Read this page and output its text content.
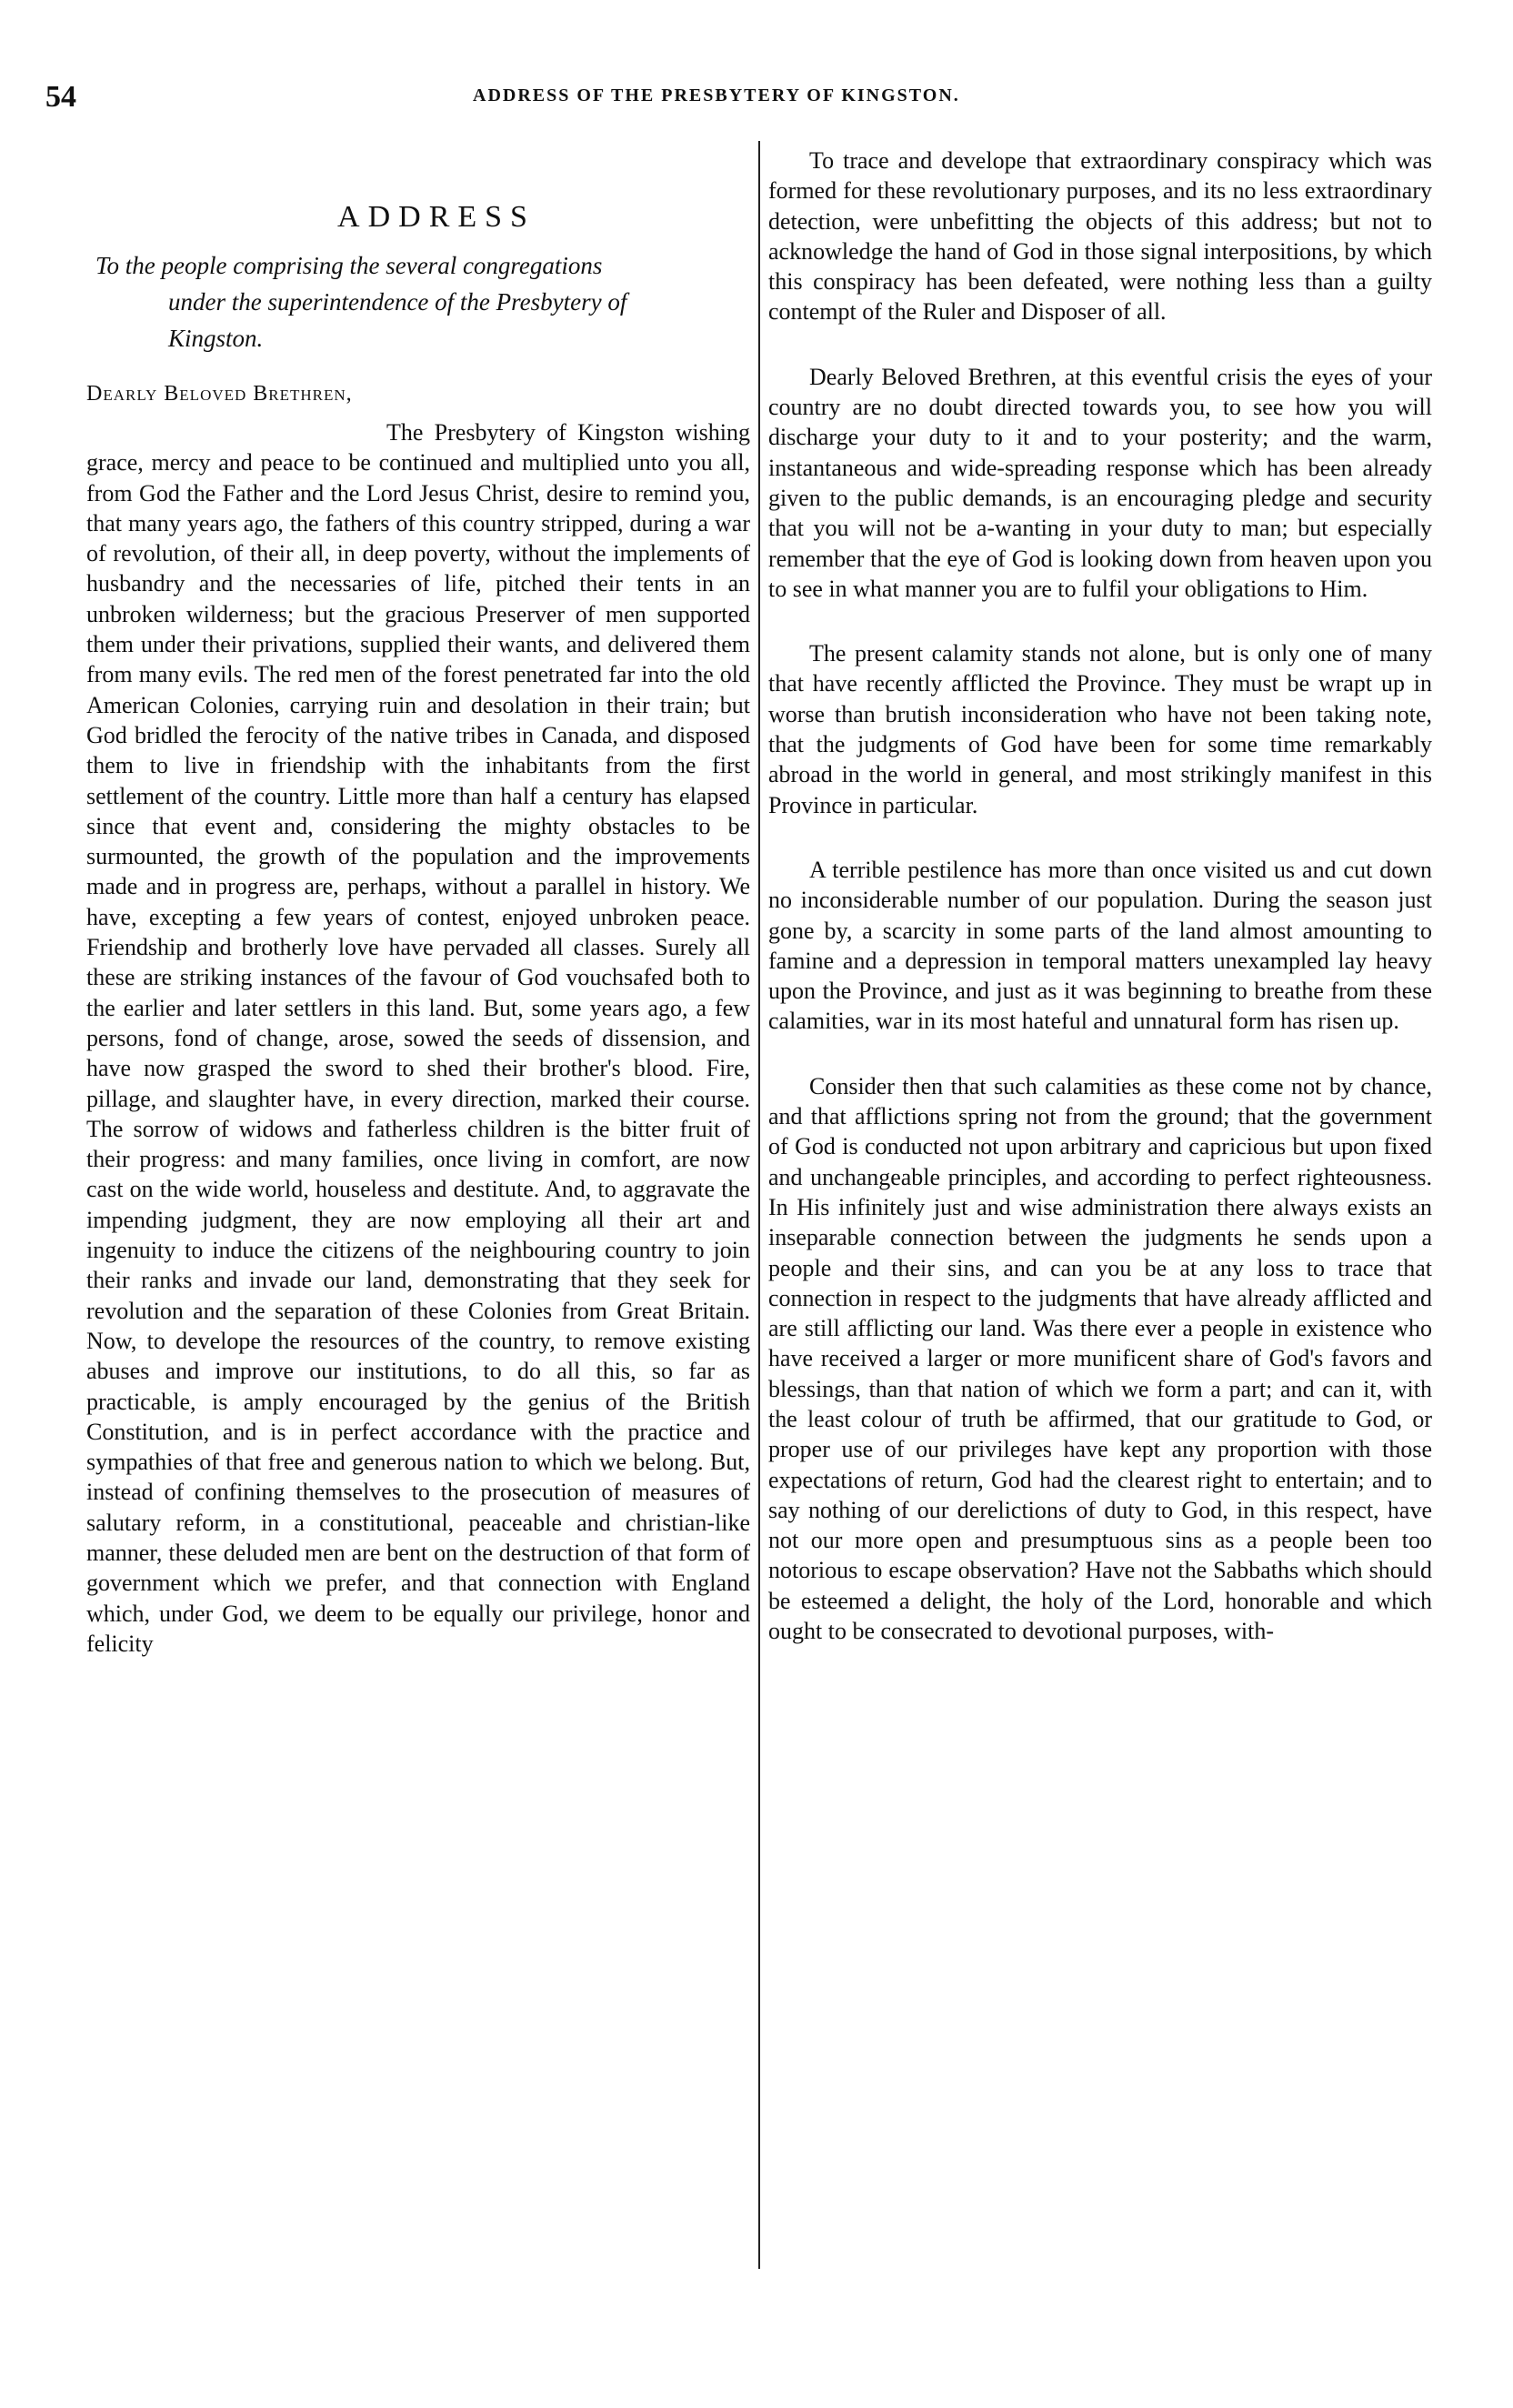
54	ADDRESS OF THE PRESBYTERY OF KINGSTON.
ADDRESS
To the people comprising the several congregations
under the superintendence of the Presbytery of
Kingston.
Dearly Beloved Brethren,

The Presbytery of Kingston wishing grace, mercy and peace to be continued and multiplied unto you all, from God the Father and the Lord Jesus Christ, desire to remind you, that many years ago, the fathers of this country stripped, during a war of revolution, of their all, in deep poverty, without the implements of husbandry and the necessaries of life, pitched their tents in an unbroken wilderness; but the gracious Preserver of men supported them under their privations, supplied their wants, and delivered them from many evils. The red men of the forest penetrated far into the old American Colonies, carrying ruin and desolation in their train; but God bridled the ferocity of the native tribes in Canada, and disposed them to live in friendship with the inhabitants from the first settlement of the country. Little more than half a century has elapsed since that event and, considering the mighty obstacles to be surmounted, the growth of the population and the improvements made and in progress are, perhaps, without a parallel in history. We have, excepting a few years of contest, enjoyed unbroken peace. Friendship and brotherly love have pervaded all classes. Surely all these are striking instances of the favour of God vouchsafed both to the earlier and later settlers in this land. But, some years ago, a few persons, fond of change, arose, sowed the seeds of dissension, and have now grasped the sword to shed their brother's blood. Fire, pillage, and slaughter have, in every direction, marked their course. The sorrow of widows and fatherless children is the bitter fruit of their progress: and many families, once living in comfort, are now cast on the wide world, houseless and destitute. And, to aggravate the impending judgment, they are now employing all their art and ingenuity to induce the citizens of the neighbouring country to join their ranks and invade our land, demonstrating that they seek for revolution and the separation of these Colonies from Great Britain. Now, to develope the resources of the country, to remove existing abuses and improve our institutions, to do all this, so far as practicable, is amply encouraged by the genius of the British Constitution, and is in perfect accordance with the practice and sympathies of that free and generous nation to which we belong. But, instead of confining themselves to the prosecution of measures of salutary reform, in a constitutional, peaceable and christian-like manner, these deluded men are bent on the destruction of that form of government which we prefer, and that connection with England which, under God, we deem to be equally our privilege, honor and felicity

To trace and develope that extraordinary conspiracy which was formed for these revolutionary purposes, and its no less extraordinary detection, were unbefitting the objects of this address; but not to acknowledge the hand of God in those signal interpositions, by which this conspiracy has been defeated, were nothing less than a guilty contempt of the Ruler and Disposer of all.

Dearly Beloved Brethren, at this eventful crisis the eyes of your country are no doubt directed towards you, to see how you will discharge your duty to it and to your posterity; and the warm, instantaneous and wide-spreading response which has been already given to the public demands, is an encouraging pledge and security that you will not be a-wanting in your duty to man; but especially remember that the eye of God is looking down from heaven upon you to see in what manner you are to fulfil your obligations to Him.

The present calamity stands not alone, but is only one of many that have recently afflicted the Province. They must be wrapt up in worse than brutish inconsideration who have not been taking note, that the judgments of God have been for some time remarkably abroad in the world in general, and most strikingly manifest in this Province in particular.

A terrible pestilence has more than once visited us and cut down no inconsiderable number of our population. During the season just gone by, a scarcity in some parts of the land almost amounting to famine and a depression in temporal matters unexampled lay heavy upon the Province, and just as it was beginning to breathe from these calamities, war in its most hateful and unnatural form has risen up.

Consider then that such calamities as these come not by chance, and that afflictions spring not from the ground; that the government of God is conducted not upon arbitrary and capricious but upon fixed and unchangeable principles, and according to perfect righteousness. In His infinitely just and wise administration there always exists an inseparable connection between the judgments he sends upon a people and their sins, and can you be at any loss to trace that connection in respect to the judgments that have already afflicted and are still afflicting our land. Was there ever a people in existence who have received a larger or more munificent share of God's favors and blessings, than that nation of which we form a part; and can it, with the least colour of truth be affirmed, that our gratitude to God, or proper use of our privileges have kept any proportion with those expectations of return, God had the clearest right to entertain; and to say nothing of our derelictions of duty to God, in this respect, have not our more open and presumptuous sins as a people been too notorious to escape observation? Have not the Sabbaths which should be esteemed a delight, the holy of the Lord, honorable and which ought to be consecrated to devotional purposes, with-
